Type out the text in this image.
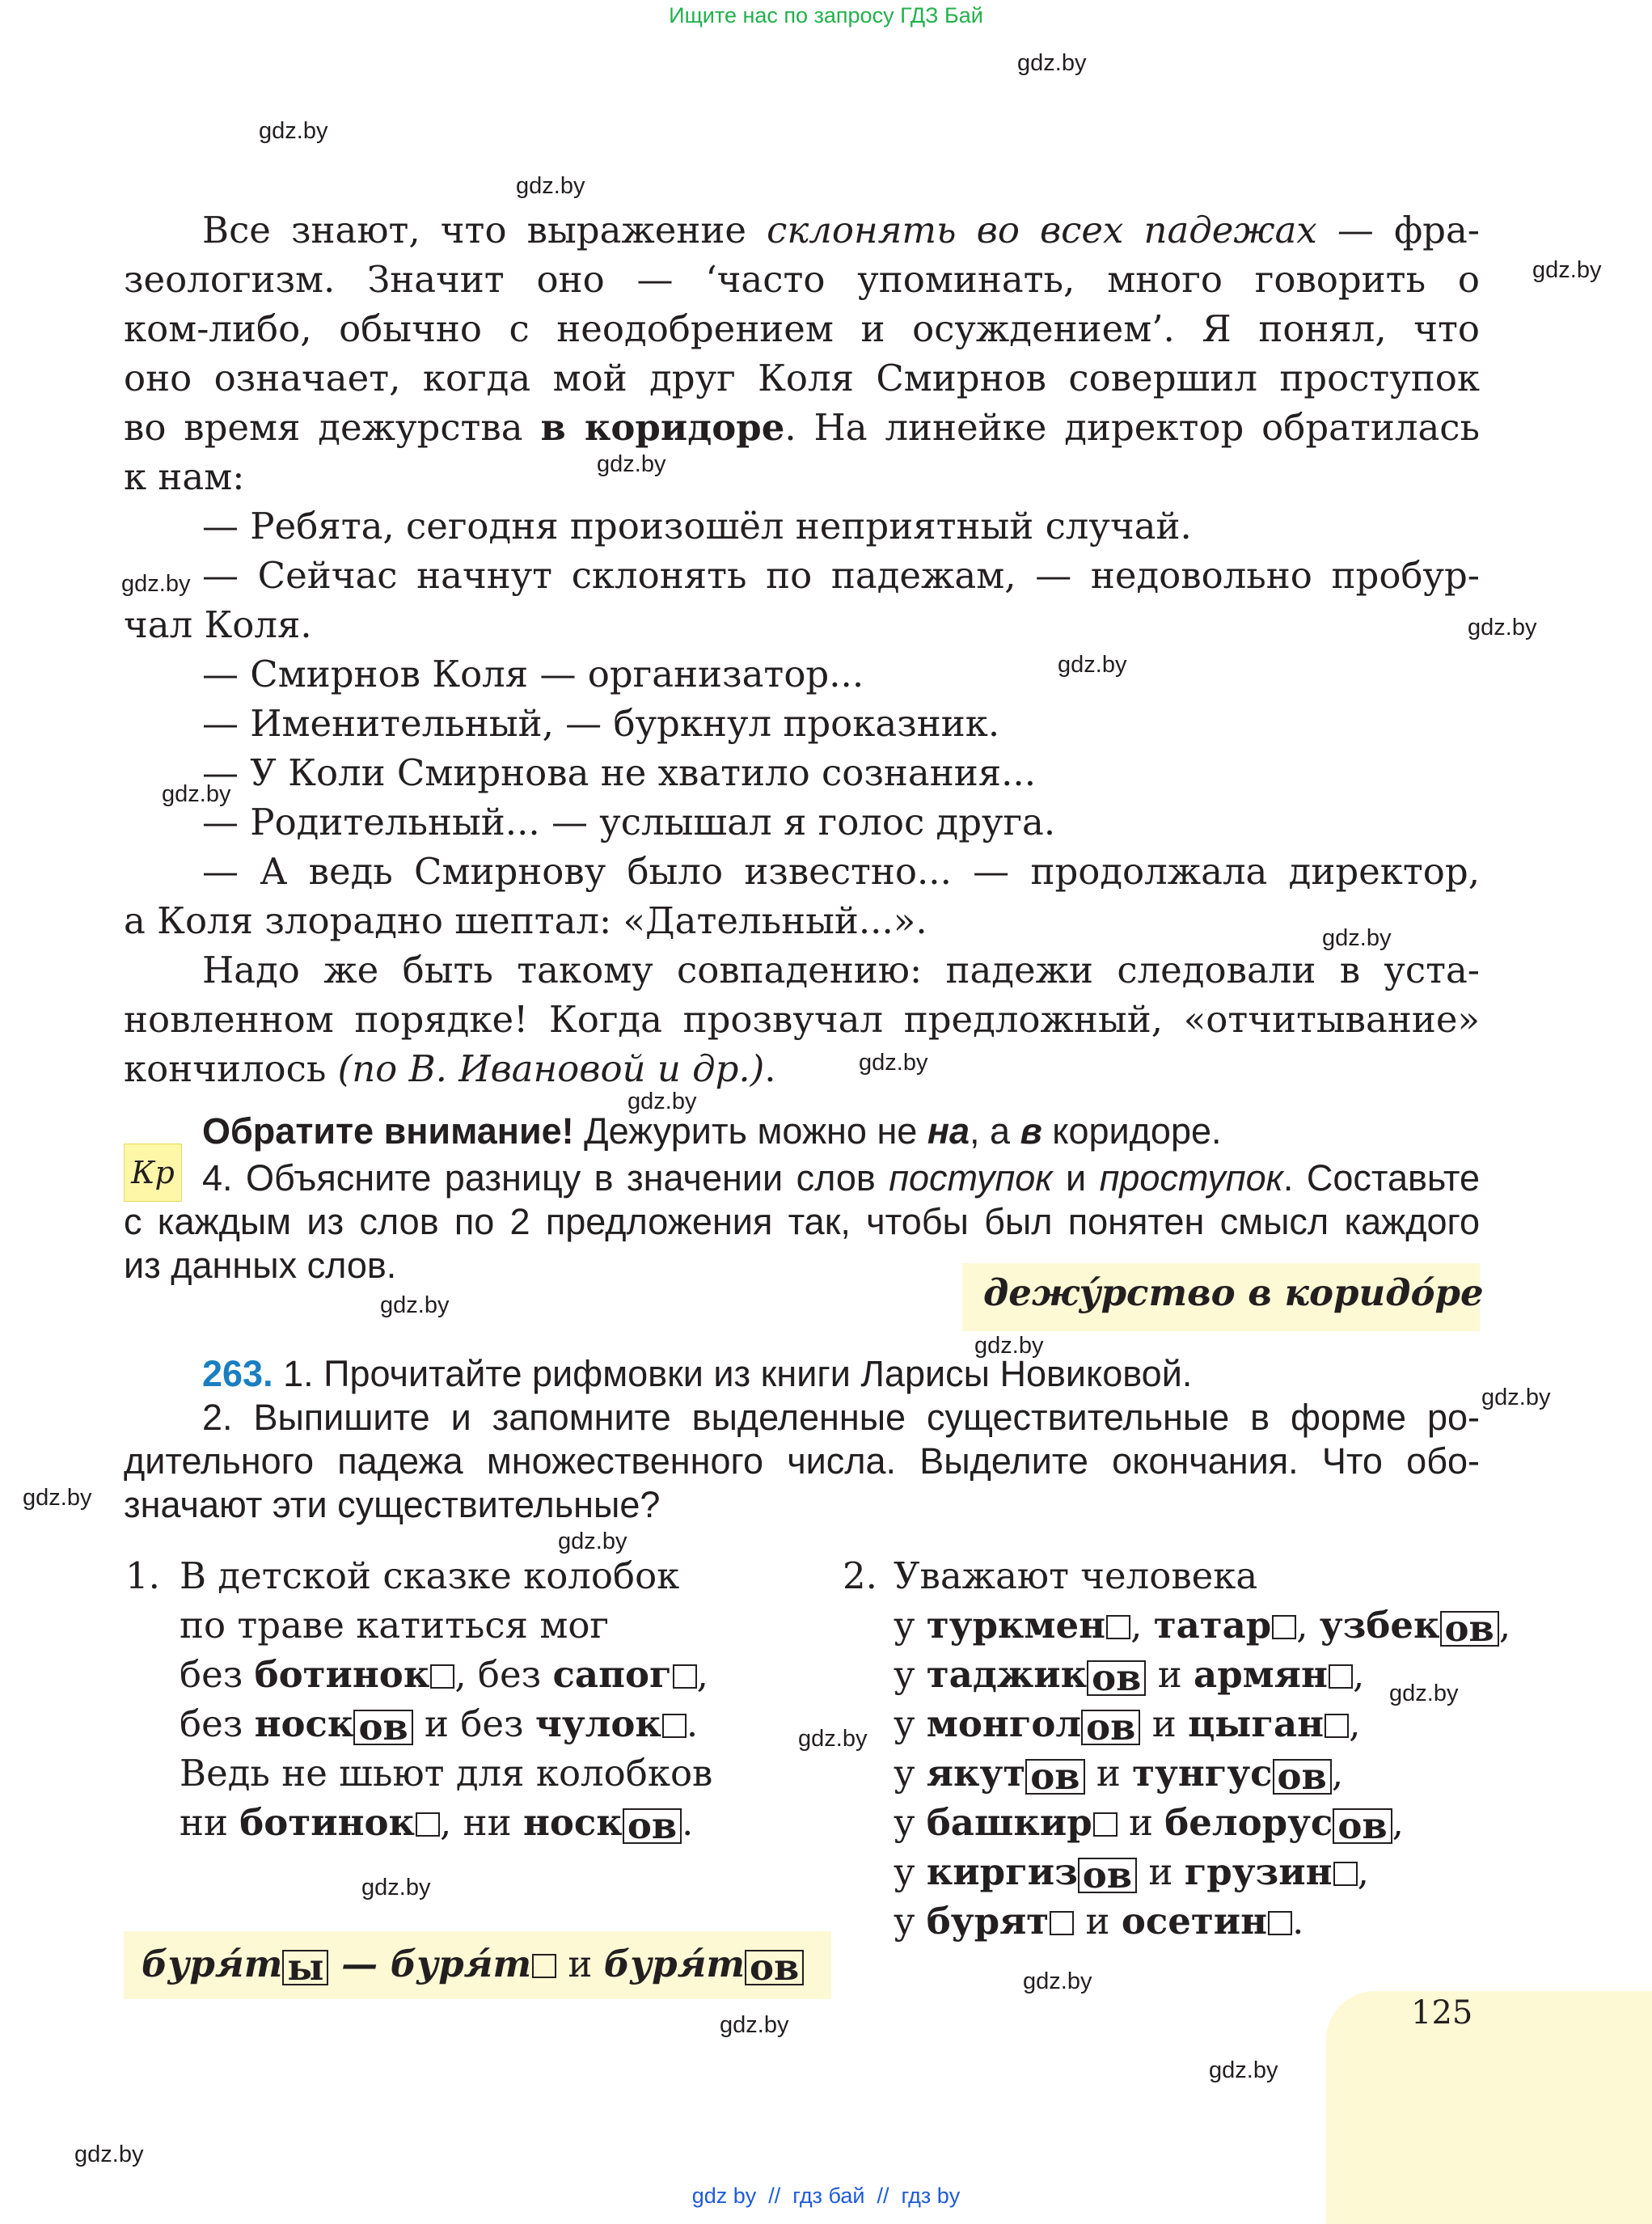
Ищите нас по запросу ГДЗ Бай
gdz.by
gdz.by
gdz.by
gdz.by
gdz.by
gdz.by
gdz.by
gdz.by
gdz.by
gdz.by
gdz.by
gdz.by
gdz.by
gdz.by
gdz.by
gdz.by
gdz.by
gdz.by
gdz.by
gdz.by
gdz.by
gdz.by
gdz.by
gdz.by
Все знают, что выражение склонять во всех падежах — фра-
зеологизм. Значит оно — ‘часто упоминать, много говорить о
ком-либо, обычно с неодобрением и осуждением’. Я понял, что
оно означает, когда мой друг Коля Смирнов совершил проступок
во время дежурства в коридоре. На линейке директор обратилась
к нам:
— Ребята, сегодня произошёл неприятный случай.
— Сейчас начнут склонять по падежам, — недовольно пробур-
чал Коля.
— Смирнов Коля — организатор...
— Именительный, — буркнул проказник.
— У Коли Смирнова не хватило сознания...
— Родительный... — услышал я голос друга.
— А ведь Смирнову было известно... — продолжала директор,
а Коля злорадно шептал: «Дательный...».
Надо же быть такому совпадению: падежи следовали в уста-
новленном порядке! Когда прозвучал предложный, «отчитывание»
кончилось (по В. Ивановой и др.).
Обратите внимание! Дежурить можно не на, а в коридоре.
Кр 4. Объясните разницу в значении слов поступок и проступок. Составьте
с каждым из слов по 2 предложения так, чтобы был понятен смысл каждого
из данных слов.
дежу́рство в коридо́ре
263. 1. Прочитайте рифмовки из книги Ларисы Новиковой.
2. Выпишите и запомните выделенные существительные в форме ро-
дительного падежа множественного числа. Выделите окончания. Что обо-
значают эти существительные?
1. В детской сказке колобок
по траве катиться мог
без ботинок , без сапог ,
без носк ов и без чулок .
Ведь не шьют для колобков
ни ботинок , ни носк ов .
2. Уважают человека
у туркмен , татар , узбек ов ,
у таджик ов и армян ,
у монгол ов и цыган ,
у якут ов и тунгус ов ,
у башкир и белорус ов ,
у киргиз ов и грузин ,
у бурят и осетин .
буря́т ы — буря́т и буря́т ов
125
gdz by  //  гдз бай  //  гдз by
